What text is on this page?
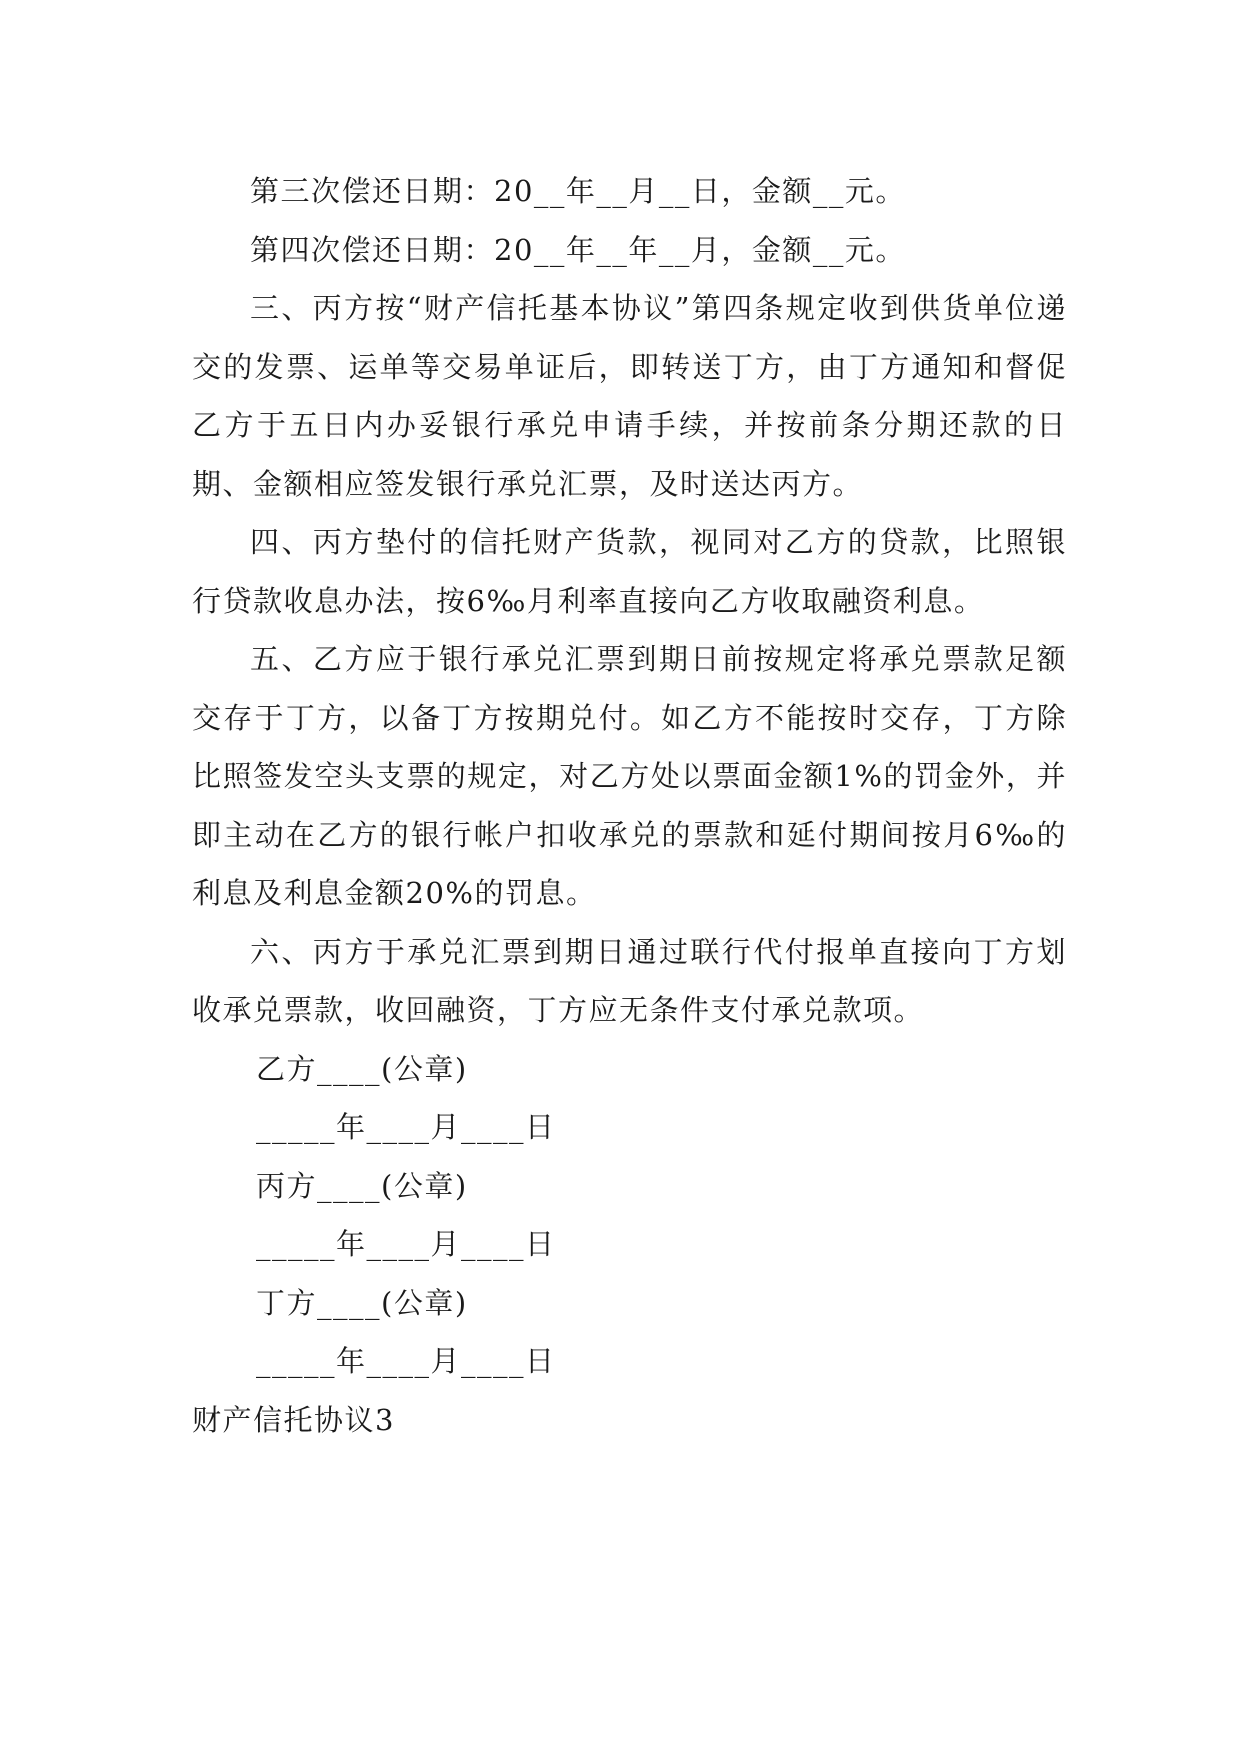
第三次偿还日期：20__年__月__日，金额__元。

第四次偿还日期：20__年__年__月，金额__元。

三、丙方按“财产信托基本协议”第四条规定收到供货单位递交的发票、运单等交易单证后，即转送丁方，由丁方通知和督促乙方于五日内办妥银行承兑申请手续，并按前条分期还款的日期、金额相应签发银行承兑汇票，及时送达丙方。

四、丙方垫付的信托财产货款，视同对乙方的贷款，比照银行贷款收息办法，按6‰月利率直接向乙方收取融资利息。

五、乙方应于银行承兑汇票到期日前按规定将承兑票款足额交存于丁方，以备丁方按期兑付。如乙方不能按时交存，丁方除比照签发空头支票的规定，对乙方处以票面金额1%的罚金外，并即主动在乙方的银行帐户扣收承兑的票款和延付期间按月6‰的利息及利息金额20%的罚息。

六、丙方于承兑汇票到期日通过联行代付报单直接向丁方划收承兑票款，收回融资，丁方应无条件支付承兑款项。

乙方____(公章)

_____年____月____日

丙方____(公章)

_____年____月____日

丁方____(公章)

_____年____月____日

财产信托协议3
